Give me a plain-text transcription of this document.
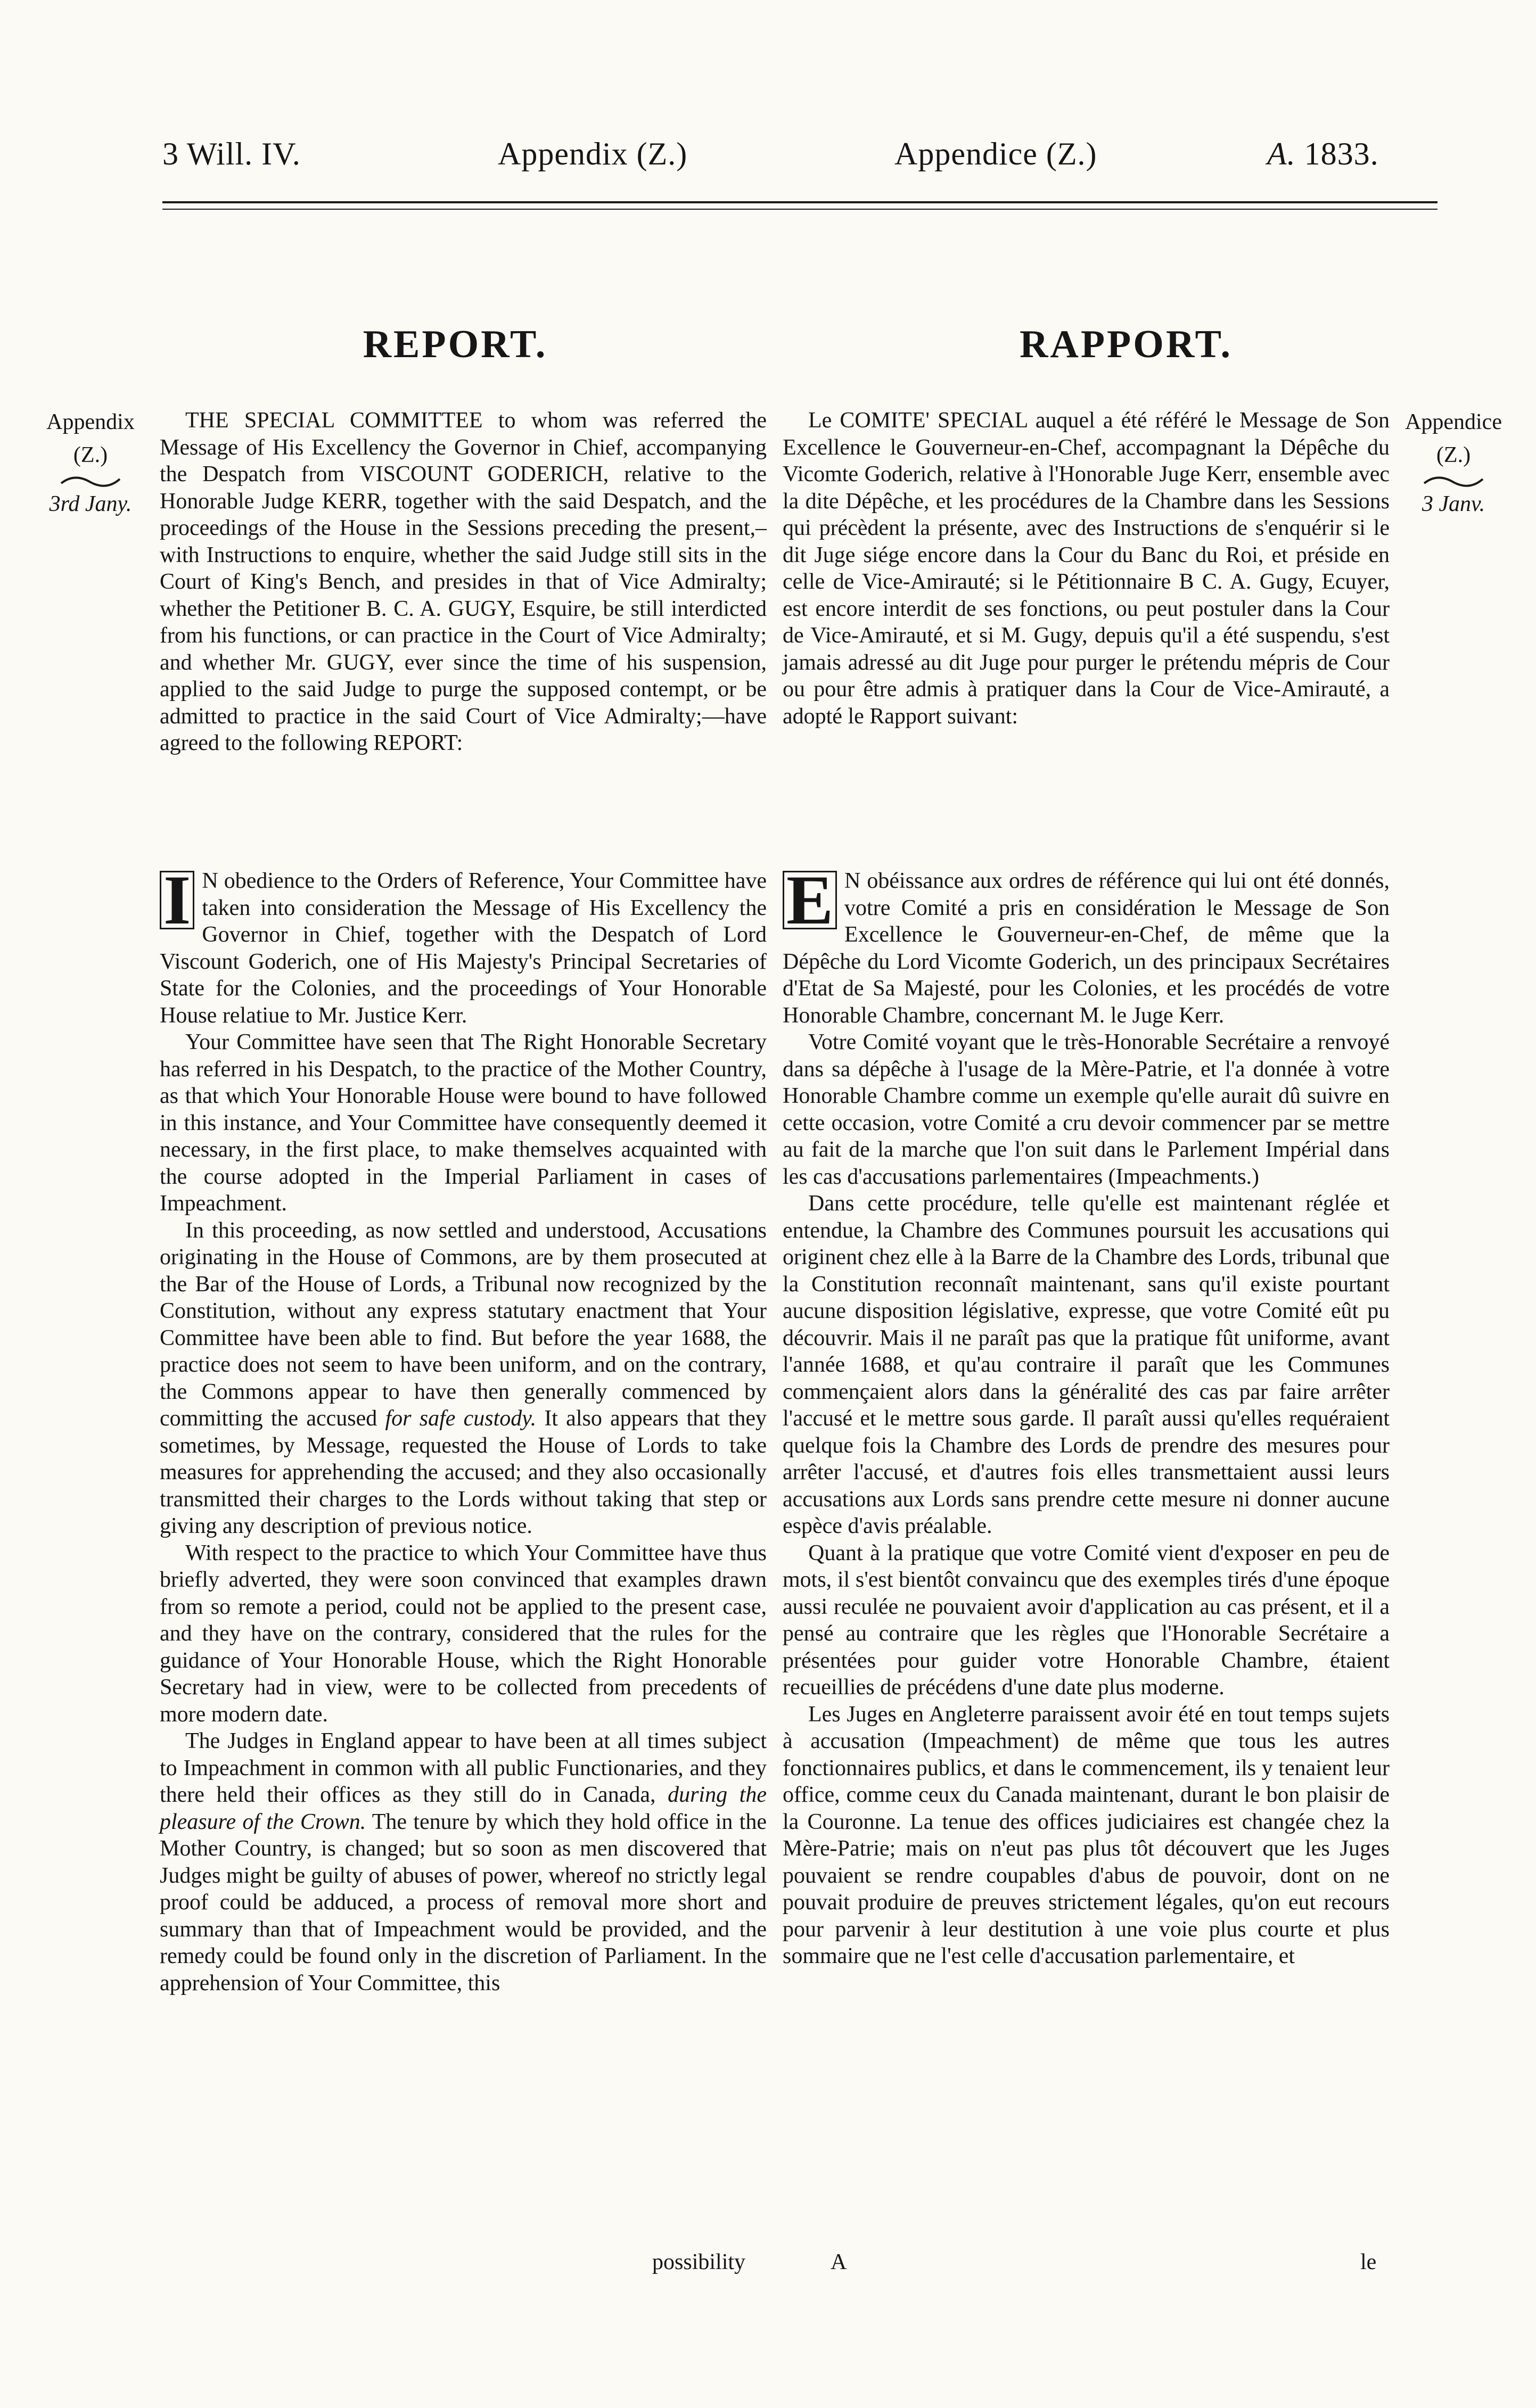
3 Will. IV.	Appendix (Z.)	Appendice (Z.)	A. 1833.
REPORT.	RAPPORT.
Appendix
(Z.)
3rd Jany.
Appendice
(Z.)
3 Janv.

THE SPECIAL COMMITTEE to whom was referred the Message of His Excellency the Governor in Chief, accompanying the Despatch from VISCOUNT GODERICH, relative to the Honorable Judge KERR, together with the said Despatch, and the proceedings of the House in the Sessions preceding the present,– with Instructions to enquire, whether the said Judge still sits in the Court of King's Bench, and presides in that of Vice Admiralty; whether the Petitioner B. C. A. GUGY, Esquire, be still interdicted from his functions, or can practice in the Court of Vice Admiralty; and whether Mr. GUGY, ever since the time of his suspension, applied to the said Judge to purge the supposed contempt, or be admitted to practice in the said Court of Vice Admiralty;—have agreed to the following REPORT:

I N obedience to the Orders of Reference, Your Committee have taken into consideration the Message of His Excellency the Governor in Chief, together with the Despatch of Lord Viscount Goderich, one of His Majesty's Principal Secretaries of State for the Colonies, and the proceedings of Your Honorable House relatiue to Mr. Justice Kerr.

Your Committee have seen that The Right Honorable Secretary has referred in his Despatch, to the practice of the Mother Country, as that which Your Honorable House were bound to have followed in this instance, and Your Committee have consequently deemed it necessary, in the first place, to make themselves acquainted with the course adopted in the Imperial Parliament in cases of Impeachment.

In this proceeding, as now settled and understood, Accusations originating in the House of Commons, are by them prosecuted at the Bar of the House of Lords, a Tribunal now recognized by the Constitution, without any express statutary enactment that Your Committee have been able to find. But before the year 1688, the practice does not seem to have been uniform, and on the contrary, the Commons appear to have then generally commenced by committing the accused for safe custody. It also appears that they sometimes, by Message, requested the House of Lords to take measures for apprehending the accused; and they also occasionally transmitted their charges to the Lords without taking that step or giving any description of previous notice.

With respect to the practice to which Your Committee have thus briefly adverted, they were soon convinced that examples drawn from so remote a period, could not be applied to the present case, and they have on the contrary, considered that the rules for the guidance of Your Honorable House, which the Right Honorable Secretary had in view, were to be collected from precedents of more modern date.

The Judges in England appear to have been at all times subject to Impeachment in common with all public Functionaries, and they there held their offices as they still do in Canada, during the pleasure of the Crown. The tenure by which they hold office in the Mother Country, is changed; but so soon as men discovered that Judges might be guilty of abuses of power, whereof no strictly legal proof could be adduced, a process of removal more short and summary than that of Impeachment would be provided, and the remedy could be found only in the discretion of Parliament. In the apprehension of Your Committee, this

Le COMITE' SPECIAL auquel a été référé le Message de Son Excellence le Gouverneur-en-Chef, accompagnant la Dépêche du Vicomte Goderich, relative à l'Honorable Juge Kerr, ensemble avec la dite Dépêche, et les procédures de la Chambre dans les Sessions qui précèdent la présente, avec des Instructions de s'enquérir si le dit Juge siége encore dans la Cour du Banc du Roi, et préside en celle de Vice-Amirauté; si le Pétitionnaire B C. A. Gugy, Ecuyer, est encore interdit de ses fonctions, ou peut postuler dans la Cour de Vice-Amirauté, et si M. Gugy, depuis qu'il a été suspendu, s'est jamais adressé au dit Juge pour purger le prétendu mépris de Cour ou pour être admis à pratiquer dans la Cour de Vice-Amirauté, a adopté le Rapport suivant:

E N obéissance aux ordres de référence qui lui ont été donnés, votre Comité a pris en considération le Message de Son Excellence le Gouverneur-en-Chef, de même que la Dépêche du Lord Vicomte Goderich, un des principaux Secrétaires d'Etat de Sa Majesté, pour les Colonies, et les procédés de votre Honorable Chambre, concernant M. le Juge Kerr.

Votre Comité voyant que le très-Honorable Secrétaire a renvoyé dans sa dépêche à l'usage de la Mère-Patrie, et l'a donnée à votre Honorable Chambre comme un exemple qu'elle aurait dû suivre en cette occasion, votre Comité a cru devoir commencer par se mettre au fait de la marche que l'on suit dans le Parlement Impérial dans les cas d'accusations parlementaires (Impeachments.)

Dans cette procédure, telle qu'elle est maintenant réglée et entendue, la Chambre des Communes poursuit les accusations qui originent chez elle à la Barre de la Chambre des Lords, tribunal que la Constitution reconnaît maintenant, sans qu'il existe pourtant aucune disposition législative, expresse, que votre Comité eût pu découvrir. Mais il ne paraît pas que la pratique fût uniforme, avant l'année 1688, et qu'au contraire il paraît que les Communes commençaient alors dans la généralité des cas par faire arrêter l'accusé et le mettre sous garde. Il paraît aussi qu'elles requéraient quelque fois la Chambre des Lords de prendre des mesures pour arrêter l'accusé, et d'autres fois elles transmettaient aussi leurs accusations aux Lords sans prendre cette mesure ni donner aucune espèce d'avis préalable.

Quant à la pratique que votre Comité vient d'exposer en peu de mots, il s'est bientôt convaincu que des exemples tirés d'une époque aussi reculée ne pouvaient avoir d'application au cas présent, et il a pensé au contraire que les règles que l'Honorable Secrétaire a présentées pour guider votre Honorable Chambre, étaient recueillies de précédens d'une date plus moderne.

Les Juges en Angleterre paraissent avoir été en tout temps sujets à accusation (Impeachment) de même que tous les autres fonctionnaires publics, et dans le commencement, ils y tenaient leur office, comme ceux du Canada maintenant, durant le bon plaisir de la Couronne. La tenue des offices judiciaires est changée chez la Mère-Patrie; mais on n'eut pas plus tôt découvert que les Juges pouvaient se rendre coupables d'abus de pouvoir, dont on ne pouvait produire de preuves strictement légales, qu'on eut recours pour parvenir à leur destitution à une voie plus courte et plus sommaire que ne l'est celle d'accusation parlementaire, et

possibility	A	le
